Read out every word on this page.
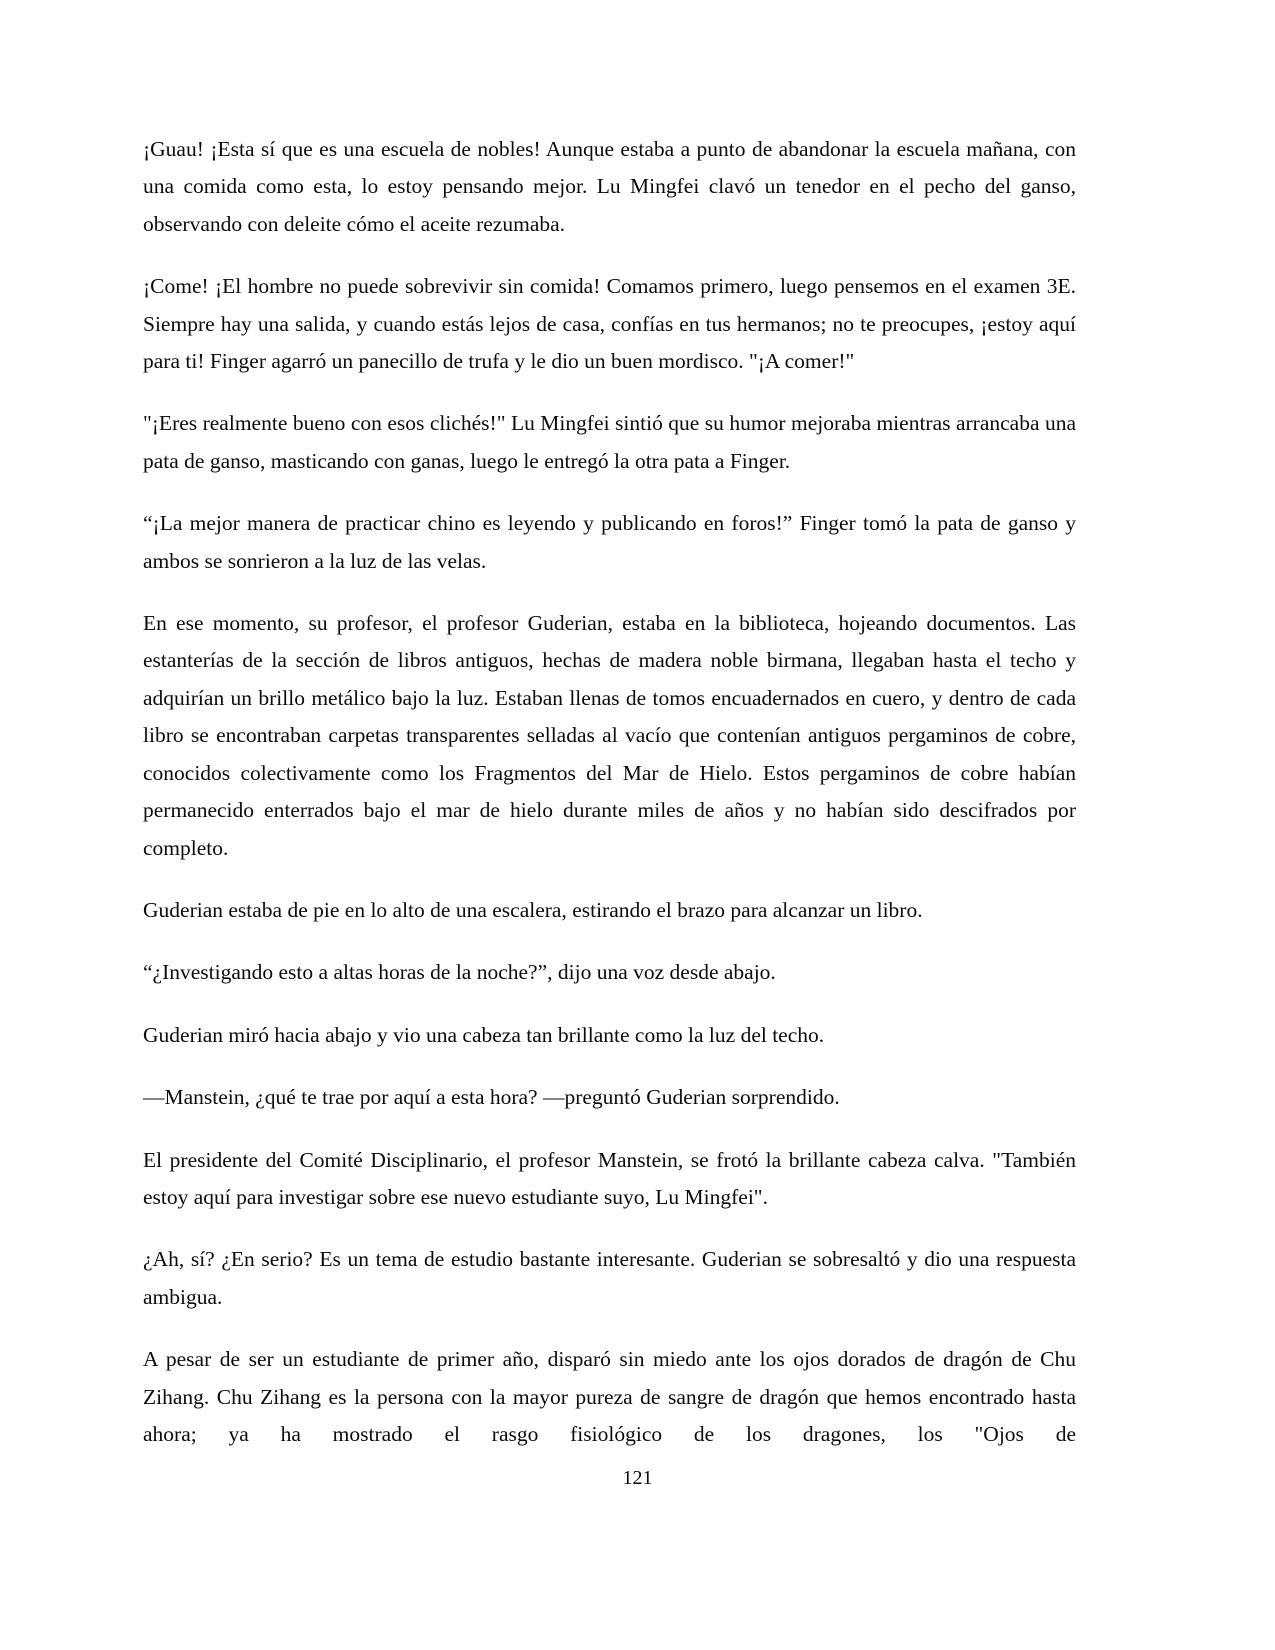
¡Guau! ¡Esta sí que es una escuela de nobles! Aunque estaba a punto de abandonar la escuela mañana, con una comida como esta, lo estoy pensando mejor. Lu Mingfei clavó un tenedor en el pecho del ganso, observando con deleite cómo el aceite rezumaba.

¡Come! ¡El hombre no puede sobrevivir sin comida! Comamos primero, luego pensemos en el examen 3E. Siempre hay una salida, y cuando estás lejos de casa, confías en tus hermanos; no te preocupes, ¡estoy aquí para ti! Finger agarró un panecillo de trufa y le dio un buen mordisco. "¡A comer!"

"¡Eres realmente bueno con esos clichés!" Lu Mingfei sintió que su humor mejoraba mientras arrancaba una pata de ganso, masticando con ganas, luego le entregó la otra pata a Finger.

“¡La mejor manera de practicar chino es leyendo y publicando en foros!” Finger tomó la pata de ganso y ambos se sonrieron a la luz de las velas.

En ese momento, su profesor, el profesor Guderian, estaba en la biblioteca, hojeando documentos. Las estanterías de la sección de libros antiguos, hechas de madera noble birmana, llegaban hasta el techo y adquirían un brillo metálico bajo la luz. Estaban llenas de tomos encuadernados en cuero, y dentro de cada libro se encontraban carpetas transparentes selladas al vacío que contenían antiguos pergaminos de cobre, conocidos colectivamente como los Fragmentos del Mar de Hielo. Estos pergaminos de cobre habían permanecido enterrados bajo el mar de hielo durante miles de años y no habían sido descifrados por completo.

Guderian estaba de pie en lo alto de una escalera, estirando el brazo para alcanzar un libro.

“¿Investigando esto a altas horas de la noche?”, dijo una voz desde abajo.

Guderian miró hacia abajo y vio una cabeza tan brillante como la luz del techo.

—Manstein, ¿qué te trae por aquí a esta hora? —preguntó Guderian sorprendido.

El presidente del Comité Disciplinario, el profesor Manstein, se frotó la brillante cabeza calva. "También estoy aquí para investigar sobre ese nuevo estudiante suyo, Lu Mingfei".

¿Ah, sí? ¿En serio? Es un tema de estudio bastante interesante. Guderian se sobresaltó y dio una respuesta ambigua.

A pesar de ser un estudiante de primer año, disparó sin miedo ante los ojos dorados de dragón de Chu Zihang. Chu Zihang es la persona con la mayor pureza de sangre de dragón que hemos encontrado hasta ahora; ya ha mostrado el rasgo fisiológico de los dragones, los "Ojos de

121
